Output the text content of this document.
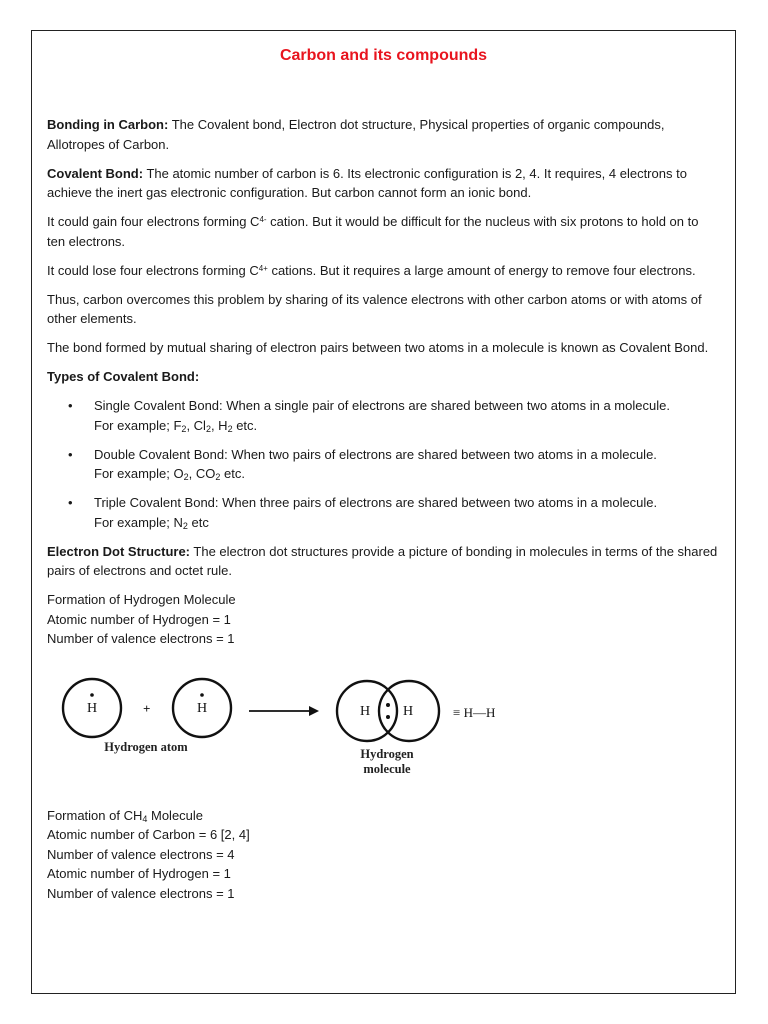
Carbon and its compounds

Bonding in Carbon: The Covalent bond, Electron dot structure, Physical properties of organic compounds, Allotropes of Carbon.

Covalent Bond: The atomic number of carbon is 6. Its electronic configuration is 2, 4. It requires, 4 electrons to achieve the inert gas electronic configuration. But carbon cannot form an ionic bond.

It could gain four electrons forming $C^{4-}$ cation. But it would be difficult for the nucleus with six protons to hold on to ten electrons.

It could lose four electrons forming $C^{4+}$ cations. But it requires a large amount of energy to remove four electrons.

Thus, carbon overcomes this problem by sharing of its valence electrons with other carbon atoms or with atoms of other elements.

The bond formed by mutual sharing of electron pairs between two atoms in a molecule is known as Covalent Bond.

Types of Covalent Bond:

• Single Covalent Bond: When a single pair of electrons are shared between two atoms in a molecule.
For example; $F_2$, $Cl_2$, $H_2$ etc.
• Double Covalent Bond: When two pairs of electrons are shared between two atoms in a molecule.
For example; $O_2$, $CO_2$ etc.
• Triple Covalent Bond: When three pairs of electrons are shared between two atoms in a molecule.
For example; $N_2$ etc

Electron Dot Structure: The electron dot structures provide a picture of bonding in molecules in terms of the shared pairs of electrons and octet rule.

Formation of Hydrogen Molecule

Atomic number of Hydrogen = 1

Number of valence electrons = 1

H	+	H	H H	≡ H—H
Hydrogen atom	Hydrogen
molecule

Formation of $CH_4$ Molecule

Atomic number of Carbon = 6 [2, 4]

Number of valence electrons = 4

Atomic number of Hydrogen = 1

Number of valence electrons = 1
